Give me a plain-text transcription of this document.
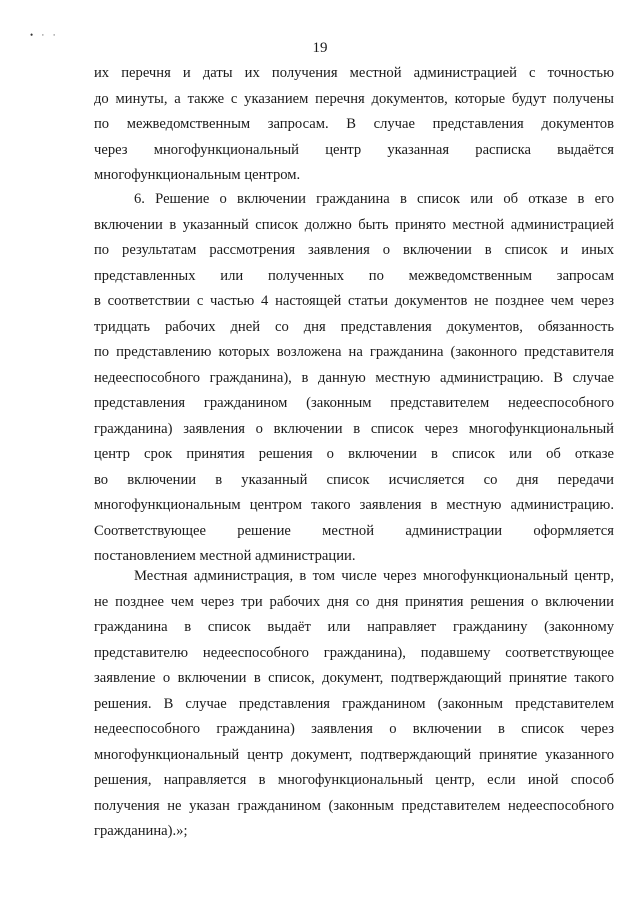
• · ·
19
их перечня и даты их получения местной администрацией с точностью
до минуты, а также с указанием перечня документов, которые будут получены
по межведомственным запросам. В случае представления документов
через многофункциональный центр указанная расписка выдаётся
многофункциональным центром.
6. Решение о включении гражданина в список или об отказе в его
включении в указанный список должно быть принято местной администрацией
по результатам рассмотрения заявления о включении в список и иных
представленных или полученных по межведомственным запросам
в соответствии с частью 4 настоящей статьи документов не позднее чем через
тридцать рабочих дней со дня представления документов, обязанность
по представлению которых возложена на гражданина (законного представителя
недееспособного гражданина), в данную местную администрацию. В случае
представления гражданином (законным представителем недееспособного
гражданина) заявления о включении в список через многофункциональный
центр срок принятия решения о включении в список или об отказе
во включении в указанный список исчисляется со дня передачи
многофункциональным центром такого заявления в местную администрацию.
Соответствующее решение местной администрации оформляется
постановлением местной администрации.
Местная администрация, в том числе через многофункциональный центр,
не позднее чем через три рабочих дня со дня принятия решения о включении
гражданина в список выдаёт или направляет гражданину (законному
представителю недееспособного гражданина), подавшему соответствующее
заявление о включении в список, документ, подтверждающий принятие такого
решения. В случае представления гражданином (законным представителем
недееспособного гражданина) заявления о включении в список через
многофункциональный центр документ, подтверждающий принятие указанного
решения, направляется в многофункциональный центр, если иной способ
получения не указан гражданином (законным представителем недееспособного
гражданина).»;
